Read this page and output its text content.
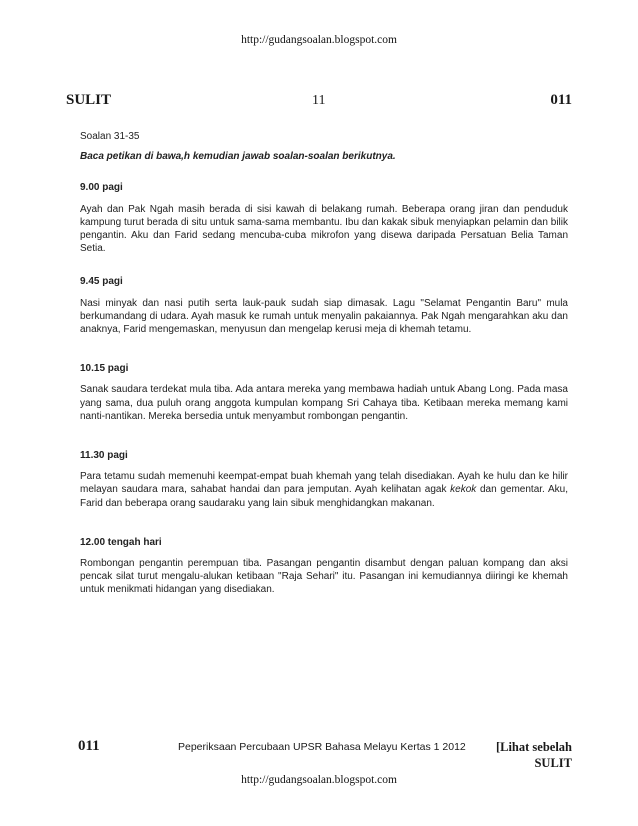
http://gudangsoalan.blogspot.com
SULIT	11	011

Soalan 31-35

Baca petikan di bawa,h kemudian jawab soalan-soalan berikutnya.

9.00 pagi

Ayah dan Pak Ngah masih berada di sisi kawah di belakang rumah. Beberapa orang jiran dan penduduk kampung turut berada di situ untuk sama-sama membantu. Ibu dan kakak sibuk menyiapkan pelamin dan bilik pengantin. Aku dan Farid sedang mencuba-cuba mikrofon yang disewa daripada Persatuan Belia Taman Setia.

9.45 pagi

Nasi minyak dan nasi putih serta lauk-pauk sudah siap dimasak. Lagu "Selamat Pengantin Baru" mula berkumandang di udara. Ayah masuk ke rumah untuk menyalin pakaiannya. Pak Ngah mengarahkan aku dan anaknya, Farid mengemaskan, menyusun dan mengelap kerusi meja di khemah tetamu.

10.15 pagi

Sanak saudara terdekat mula tiba. Ada antara mereka yang membawa hadiah untuk Abang Long. Pada masa yang sama, dua puluh orang anggota kumpulan kompang Sri Cahaya tiba. Ketibaan mereka memang kami nanti-nantikan. Mereka bersedia untuk menyambut rombongan pengantin.

11.30 pagi

Para tetamu sudah memenuhi keempat-empat buah khemah yang telah disediakan. Ayah ke hulu dan ke hilir melayan saudara mara, sahabat handai dan para jemputan. Ayah kelihatan agak kekok dan gementar. Aku, Farid dan beberapa orang saudaraku yang lain sibuk menghidangkan makanan.

12.00 tengah hari

Rombongan pengantin perempuan tiba. Pasangan pengantin disambut dengan paluan kompang dan aksi pencak silat turut mengalu-alukan ketibaan "Raja Sehari" itu. Pasangan ini kemudiannya diiringi ke khemah untuk menikmati hidangan yang disediakan.

011	Peperiksaan Percubaan UPSR Bahasa Melayu Kertas 1 2012 [Lihat sebelah
SULIT
http://gudangsoalan.blogspot.com
